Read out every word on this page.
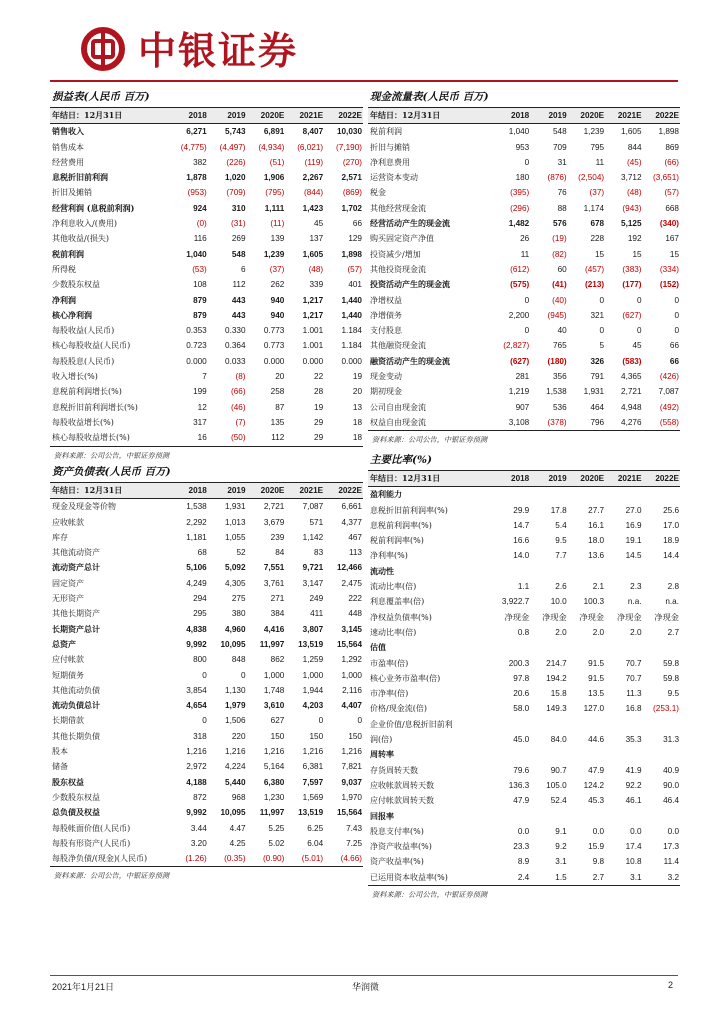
中银证券
损益表(人民币 百万)
年结日：12月31日	2018	2019	2020E	2021E	2022E
销售收入	6,271	5,743	6,891	8,407	10,030
销售成本	(4,775)	(4,497)	(4,934)	(6,021)	(7,190)
经营费用	382	(226)	(51)	(119)	(270)
息税折旧前利润	1,878	1,020	1,906	2,267	2,571
折旧及摊销	(953)	(709)	(795)	(844)	(869)
经营利润 (息税前利润)	924	310	1,111	1,423	1,702
净利息收入/(费用)	(0)	(31)	(11)	45	66
其他收益/(损失)	116	269	139	137	129
税前利润	1,040	548	1,239	1,605	1,898
所得税	(53)	6	(37)	(48)	(57)
少数股东权益	108	112	262	339	401
净利润	879	443	940	1,217	1,440
核心净利润	879	443	940	1,217	1,440
每股收益(人民币)	0.353	0.330	0.773	1.001	1.184
核心每股收益(人民币)	0.723	0.364	0.773	1.001	1.184
每股股息(人民币)	0.000	0.033	0.000	0.000	0.000
收入增长(%)	7	(8)	20	22	19
息税前利润增长(%)	199	(66)	258	28	20
息税折旧前利润增长(%)	12	(46)	87	19	13
每股收益增长(%)	317	(7)	135	29	18
核心每股收益增长(%)	16	(50)	112	29	18
资料来源：公司公告，中银证券预测
现金流量表(人民币 百万)
年结日：12月31日	2018	2019	2020E	2021E	2022E
税前利润	1,040	548	1,239	1,605	1,898
折旧与摊销	953	709	795	844	869
净利息费用	0	31	11	(45)	(66)
运营资本变动	180	(876)	(2,504)	3,712	(3,651)
税金	(395)	76	(37)	(48)	(57)
其他经营现金流	(296)	88	1,174	(943)	668
经营活动产生的现金流	1,482	576	678	5,125	(340)
购买固定资产净值	26	(19)	228	192	167
投资减少/增加	11	(82)	15	15	15
其他投资现金流	(612)	60	(457)	(383)	(334)
投资活动产生的现金流	(575)	(41)	(213)	(177)	(152)
净增权益	0	(40)	0	0	0
净增债务	2,200	(945)	321	(627)	0
支付股息	0	40	0	0	0
其他融资现金流	(2,827)	765	5	45	66
融资活动产生的现金流	(627)	(180)	326	(583)	66
现金变动	281	356	791	4,365	(426)
期初现金	1,219	1,538	1,931	2,721	7,087
公司自由现金流	907	536	464	4,948	(492)
权益自由现金流	3,108	(378)	796	4,276	(558)
资料来源：公司公告，中银证券预测
资产负债表(人民币 百万)
年结日：12月31日	2018	2019	2020E	2021E	2022E
现金及现金等价物	1,538	1,931	2,721	7,087	6,661
应收帐款	2,292	1,013	3,679	571	4,377
库存	1,181	1,055	239	1,142	467
其他流动资产	68	52	84	83	113
流动资产总计	5,106	5,092	7,551	9,721	12,466
固定资产	4,249	4,305	3,761	3,147	2,475
无形资产	294	275	271	249	222
其他长期资产	295	380	384	411	448
长期资产总计	4,838	4,960	4,416	3,807	3,145
总资产	9,992	10,095	11,997	13,519	15,564
应付帐款	800	848	862	1,259	1,292
短期债务	0	0	1,000	1,000	1,000
其他流动负债	3,854	1,130	1,748	1,944	2,116
流动负债总计	4,654	1,979	3,610	4,203	4,407
长期借款	0	1,506	627	0	0
其他长期负债	318	220	150	150	150
股本	1,216	1,216	1,216	1,216	1,216
储备	2,972	4,224	5,164	6,381	7,821
股东权益	4,188	5,440	6,380	7,597	9,037
少数股东权益	872	968	1,230	1,569	1,970
总负债及权益	9,992	10,095	11,997	13,519	15,564
每股帐面价值(人民币)	3.44	4.47	5.25	6.25	7.43
每股有形资产(人民币)	3.20	4.25	5.02	6.04	7.25
每股净负债/(现金)(人民币)	(1.26)	(0.35)	(0.90)	(5.01)	(4.66)
资料来源：公司公告，中银证券预测
主要比率(%)
年结日：12月31日	2018	2019	2020E	2021E	2022E
盈利能力					
息税折旧前利润率(%)	29.9	17.8	27.7	27.0	25.6
息税前利润率(%)	14.7	5.4	16.1	16.9	17.0
税前利润率(%)	16.6	9.5	18.0	19.1	18.9
净利率(%)	14.0	7.7	13.6	14.5	14.4
流动性					
流动比率(倍)	1.1	2.6	2.1	2.3	2.8
利息覆盖率(倍)	3,922.7	10.0	100.3	n.a.	n.a.
净权益负债率(%)	净现金	净现金	净现金	净现金	净现金
速动比率(倍)	0.8	2.0	2.0	2.0	2.7
估值					
市盈率(倍)	200.3	214.7	91.5	70.7	59.8
核心业务市盈率(倍)	97.8	194.2	91.5	70.7	59.8
市净率(倍)	20.6	15.8	13.5	11.3	9.5
价格/现金流(倍)	58.0	149.3	127.0	16.8	(253.1)
企业价值/息税折旧前利					
润(倍)	45.0	84.0	44.6	35.3	31.3
周转率					
存货周转天数	79.6	90.7	47.9	41.9	40.9
应收帐款周转天数	136.3	105.0	124.2	92.2	90.0
应付帐款周转天数	47.9	52.4	45.3	46.1	46.4
回报率					
股息支付率(%)	0.0	9.1	0.0	0.0	0.0
净资产收益率(%)	23.3	9.2	15.9	17.4	17.3
资产收益率(%)	8.9	3.1	9.8	10.8	11.4
已运用资本收益率(%)	2.4	1.5	2.7	3.1	3.2
资料来源：公司公告，中银证券预测
2021年1月21日	华润微	2
